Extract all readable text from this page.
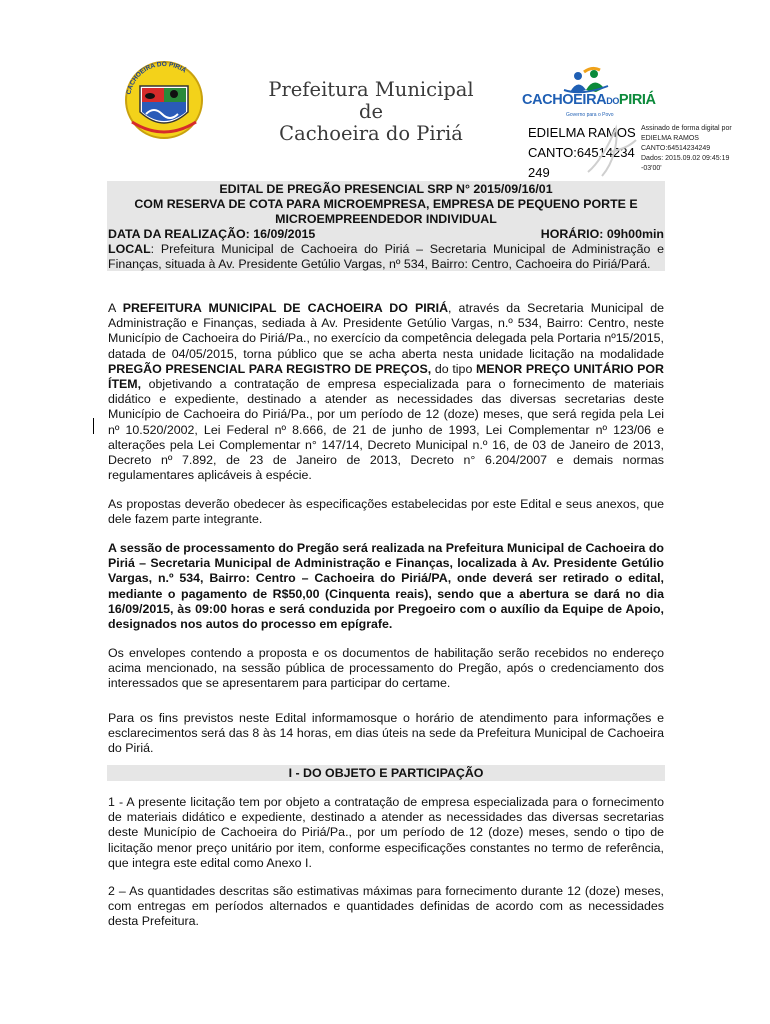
CACHOEIRA DO PIRIÁ
Prefeitura Municipal de
Cachoeira do Piriá
CACHOEIRADOPIRIÁ
Governo para o Povo
EDIELMA RAMOS
CANTO:64514234
249
Assinado de forma digital por
EDIELMA RAMOS
CANTO:64514234249
Dados: 2015.09.02 09:45:19
-03'00'
EDITAL DE PREGÃO PRESENCIAL SRP N° 2015/09/16/01
COM RESERVA DE COTA PARA MICROEMPRESA, EMPRESA DE PEQUENO PORTE E
MICROEMPREENDEDOR INDIVIDUAL
DATA DA REALIZAÇÃO: 16/09/2015	HORÁRIO: 09h00min

LOCAL: Prefeitura Municipal de Cachoeira do Piriá – Secretaria Municipal de Administração e Finanças, situada à Av. Presidente Getúlio Vargas, nº 534, Bairro: Centro, Cachoeira do Piriá/Pará.

A PREFEITURA MUNICIPAL DE CACHOEIRA DO PIRIÁ, através da Secretaria Municipal de Administração e Finanças, sediada à Av. Presidente Getúlio Vargas, n.º 534, Bairro: Centro, neste Município de Cachoeira do Piriá/Pa., no exercício da competência delegada pela Portaria nº15/2015, datada de 04/05/2015, torna público que se acha aberta nesta unidade licitação na modalidade PREGÃO PRESENCIAL PARA REGISTRO DE PREÇOS, do tipo MENOR PREÇO UNITÁRIO POR ÍTEM, objetivando a contratação de empresa especializada para o fornecimento de materiais didático e expediente, destinado a atender as necessidades das diversas secretarias deste Município de Cachoeira do Piriá/Pa., por um período de 12 (doze) meses, que será regida pela Lei nº 10.520/2002, Lei Federal nº 8.666, de 21 de junho de 1993, Lei Complementar nº 123/06 e alterações pela Lei Complementar n° 147/14, Decreto Municipal n.º 16, de 03 de Janeiro de 2013, Decreto nº 7.892, de 23 de Janeiro de 2013, Decreto n° 6.204/2007 e demais normas regulamentares aplicáveis à espécie.

As propostas deverão obedecer às especificações estabelecidas por este Edital e seus anexos, que dele fazem parte integrante.

A sessão de processamento do Pregão será realizada na Prefeitura Municipal de Cachoeira do Piriá – Secretaria Municipal de Administração e Finanças, localizada à Av. Presidente Getúlio Vargas, n.º 534, Bairro: Centro – Cachoeira do Piriá/PA, onde deverá ser retirado o edital, mediante o pagamento de R$50,00 (Cinquenta reais), sendo que a abertura se dará no dia 16/09/2015, às 09:00 horas e será conduzida por Pregoeiro com o auxílio da Equipe de Apoio, designados nos autos do processo em epígrafe.

Os envelopes contendo a proposta e os documentos de habilitação serão recebidos no endereço acima mencionado, na sessão pública de processamento do Pregão, após o credenciamento dos interessados que se apresentarem para participar do certame.

Para os fins previstos neste Edital informamosque o horário de atendimento para informações e esclarecimentos será das 8 às 14 horas, em dias úteis na sede da Prefeitura Municipal de Cachoeira do Piriá.

I - DO OBJETO E PARTICIPAÇÃO

1 - A presente licitação tem por objeto a contratação de empresa especializada para o fornecimento de materiais didático e expediente, destinado a atender as necessidades das diversas secretarias deste Município de Cachoeira do Piriá/Pa., por um período de 12 (doze) meses, sendo o tipo de licitação menor preço unitário por item, conforme especificações constantes no termo de referência, que integra este edital como Anexo I.

2 – As quantidades descritas são estimativas máximas para fornecimento durante 12 (doze) meses, com entregas em períodos alternados e quantidades definidas de acordo com as necessidades desta Prefeitura.
